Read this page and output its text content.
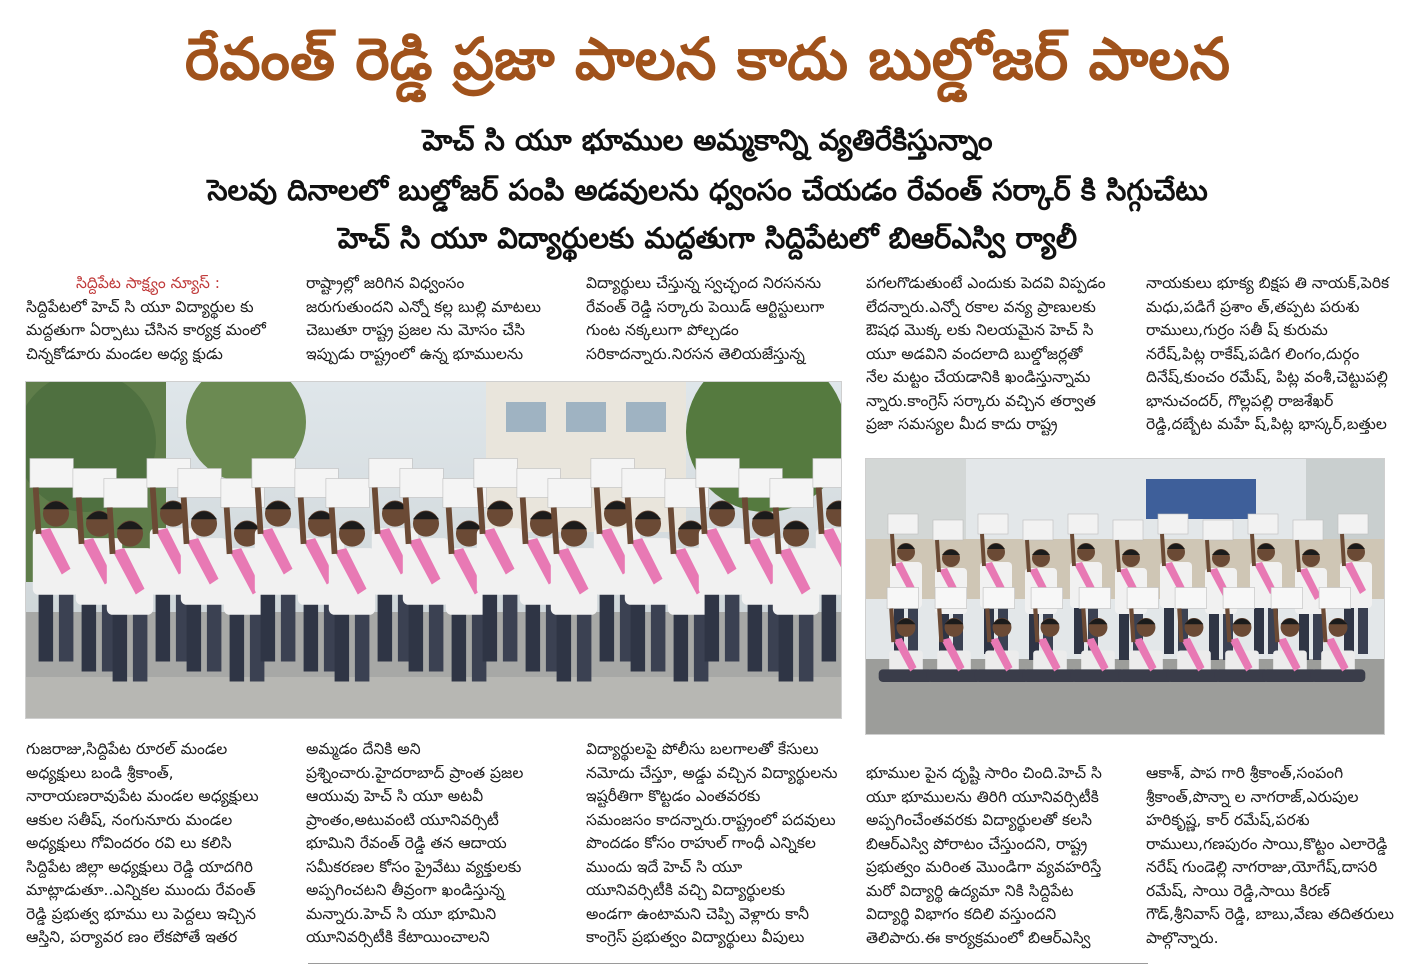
రేవంత్ రెడ్డి ప్రజా పాలన కాదు బుల్డోజర్ పాలన
హెచ్ సి యూ భూముల అమ్మకాన్ని వ్యతిరేకిస్తున్నాం
సెలవు దినాలలో బుల్డోజర్ పంపి అడవులను ధ్వంసం చేయడం రేవంత్ సర్కార్ కి సిగ్గుచేటు
హెచ్ సి యూ విద్యార్థులకు మద్దతుగా సిద్దిపేటలో బిఆర్ఎస్వి ర్యాలీ

సిద్దిపేట సాక్ష్యం న్యూస్ :

సిద్దిపేటలో హెచ్ సి యూ విద్యార్థుల కు

మద్దతుగా ఏర్పాటు చేసిన కార్యక్ర మంలో

చిన్నకోడూరు మండల అధ్య క్షుడు

రాష్ట్రాల్లో జరిగిన విధ్వంసం

జరుగుతుందని ఎన్నో కల్ల బుల్లి మాటలు

చెబుతూ రాష్ట్ర ప్రజల ను మోసం చేసి

ఇప్పుడు రాష్ట్రంలో ఉన్న భూములను

విద్యార్థులు చేస్తున్న స్వచ్ఛంద నిరసనను

రేవంత్ రెడ్డి సర్కారు పెయిడ్ ఆర్టిస్టులుగా

గుంట నక్కలుగా పోల్చడం

సరికాదన్నారు.నిరసన తెలియజేస్తున్న

పగలగొడుతుంటే ఎందుకు పెదవి విప్పడం

లేదన్నారు.ఎన్నో రకాల వన్య ప్రాణులకు

ఔషధ మొక్క లకు నిలయమైన హెచ్ సి

యూ అడవిని వందలాది బుల్డోజర్లతో

నేల మట్టం చేయడానికి ఖండిస్తున్నామ

న్నారు.కాంగ్రెస్ సర్కారు వచ్చిన తర్వాత

ప్రజా సమస్యల మీద కాదు రాష్ట్ర

నాయకులు భూక్య బిక్షప తి నాయక్,పెరిక

మధు,పడిగే ప్రశాం త్,తప్పట పరుశు

రాములు,గుర్రం సతీ ష్ కురుమ

నరేష్,పిట్ల రాకేష్,పడిగ లింగం,దుర్గం

దినేష్,కుంచం రమేష్, పిట్ల వంశీ,చెట్టుపల్లి

భానుచందర్, గొల్లపల్లి రాజశేఖర్

రెడ్డి,దబ్బేట మహే ష్,పిట్ల భాస్కర్,బత్తుల

గుజరాజు,సిద్దిపేట రూరల్ మండల

అధ్యక్షులు బండి శ్రీకాంత్,

నారాయణరావుపేట మండల అధ్యక్షులు

ఆకుల సతీష్, నంగునూరు మండల

అధ్యక్షులు గోవిందరం రవి లు కలిసి

సిద్దిపేట జిల్లా అధ్యక్షులు రెడ్డి యాదగిరి

మాట్లాడుతూ..ఎన్నికల ముందు రేవంత్

రెడ్డి ప్రభుత్వ భూము లు పెద్దలు ఇచ్చిన

ఆస్తిని, పర్యావర ణం లేకపోతే ఇతర

అమ్మడం దేనికి అని

ప్రశ్నించారు.హైదరాబాద్ ప్రాంత ప్రజల

ఆయువు హెచ్ సి యూ అటవీ

ప్రాంతం,అటువంటి యూనివర్సిటీ

భూమిని రేవంత్ రెడ్డి తన ఆదాయ

సమీకరణల కోసం ప్రైవేటు వ్యక్తులకు

అప్పగించటని తీవ్రంగా ఖండిస్తున్న

మన్నారు.హెచ్ సి యూ భూమిని

యూనివర్సిటీకి కేటాయించాలని

విద్యార్థులపై పోలీసు బలగాలతో కేసులు

నమోదు చేస్తూ, అడ్డు వచ్చిన విద్యార్థులను

ఇష్టరీతిగా కొట్టడం ఎంతవరకు

సమంజసం కాదన్నారు.రాష్ట్రంలో పదవులు

పొందడం కోసం రాహుల్ గాంధీ ఎన్నికల

ముందు ఇదే హెచ్ సి యూ

యూనివర్సిటీకి వచ్చి విద్యార్థులకు

అండగా ఉంటామని చెప్పి వెళ్లారు కానీ

కాంగ్రెస్ ప్రభుత్వం విద్యార్థులు వీపులు

భూముల పైన దృష్టి సారిం చింది.హెచ్ సి

యూ భూములను తిరిగి యూనివర్సిటీకి

అప్పగించేంతవరకు విద్యార్థులతో కలసి

బిఆర్ఎస్వి పోరాటం చేస్తుందని, రాష్ట్ర

ప్రభుత్వం మరింత మొండిగా వ్యవహరిస్తే

మరో విద్యార్థి ఉద్యమా నికి సిద్దిపేట

విద్యార్థి విభాగం కదిలి వస్తుందని

తెలిపారు.ఈ కార్యక్రమంలో బిఆర్ఎస్వి

ఆకాశ్, పాప గారి శ్రీకాంత్,సంపంగి

శ్రీకాంత్,పొన్నా ల నాగరాజ్,ఎరుపుల

హరికృష్ణ, కార్ రమేష్,పరశు

రాములు,గణపురం సాయి,కొట్టం ఎలారెడ్డి

నరేష్ గుండెల్లి నాగరాజు,యోగేష్,దాసరి

రమేష్, సాయి రెడ్డి,సాయి కిరణ్

గౌడ్,శ్రీనివాస్ రెడ్డి, బాబు,వేణు తదితరులు

పాల్గొన్నారు.
